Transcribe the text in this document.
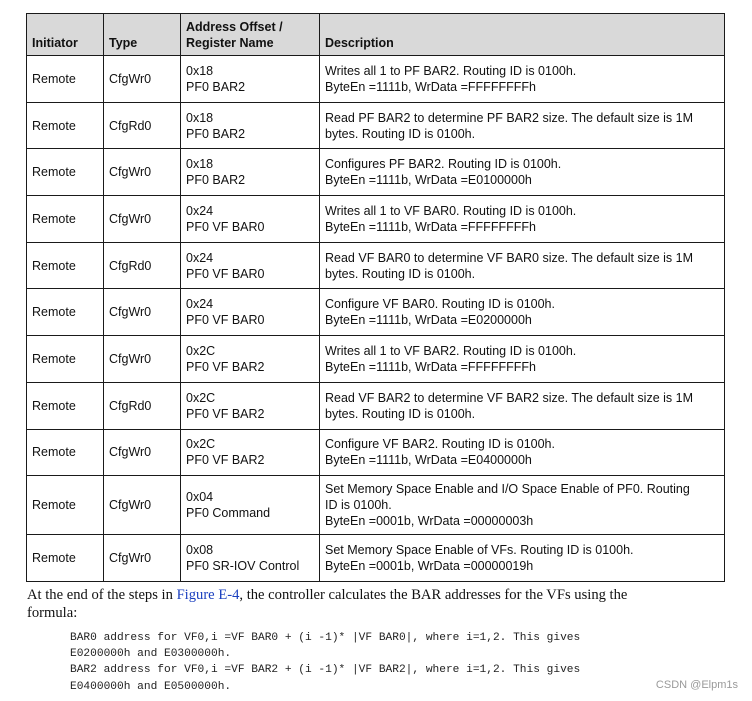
Initiator	Type	Address Offset /
Register Name	Description
Remote	CfgWr0	0x18
PF0 BAR2	Writes all 1 to PF BAR2. Routing ID is 0100h.
ByteEn =1111b, WrData =FFFFFFFFh

Remote	CfgRd0	0x18
PF0 BAR2	Read PF BAR2 to determine PF BAR2 size. The default size is 1M
bytes. Routing ID is 0100h.

Remote	CfgWr0	0x18
PF0 BAR2	Configures PF BAR2. Routing ID is 0100h.
ByteEn =1111b, WrData =E0100000h

Remote	CfgWr0	0x24
PF0 VF BAR0	Writes all 1 to VF BAR0. Routing ID is 0100h.
ByteEn =1111b, WrData =FFFFFFFFh

Remote	CfgRd0	0x24
PF0 VF BAR0	Read VF BAR0 to determine VF BAR0 size. The default size is 1M
bytes. Routing ID is 0100h.

Remote	CfgWr0	0x24
PF0 VF BAR0	Configure VF BAR0. Routing ID is 0100h.
ByteEn =1111b, WrData =E0200000h

Remote	CfgWr0	0x2C
PF0 VF BAR2	Writes all 1 to VF BAR2. Routing ID is 0100h.
ByteEn =1111b, WrData =FFFFFFFFh

Remote	CfgRd0	0x2C
PF0 VF BAR2	Read VF BAR2 to determine VF BAR2 size. The default size is 1M
bytes. Routing ID is 0100h.

Remote	CfgWr0	0x2C
PF0 VF BAR2	Configure VF BAR2. Routing ID is 0100h.
ByteEn =1111b, WrData =E0400000h

Remote	CfgWr0	0x04
PF0 Command	Set Memory Space Enable and I/O Space Enable of PF0. Routing
ID is 0100h.
ByteEn =0001b, WrData =00000003h

Remote	CfgWr0	0x08
PF0 SR-IOV Control	Set Memory Space Enable of VFs. Routing ID is 0100h.
ByteEn =0001b, WrData =00000019h
At the end of the steps in Figure E-4, the controller calculates the BAR addresses for the VFs using the
formula:
BAR0 address for VF0,i =VF BAR0 + (i -1)* |VF BAR0|, where i=1,2. This gives
E0200000h and E0300000h.
BAR2 address for VF0,i =VF BAR2 + (i -1)* |VF BAR2|, where i=1,2. This gives
E0400000h and E0500000h.	CSDN @Elpm1s
